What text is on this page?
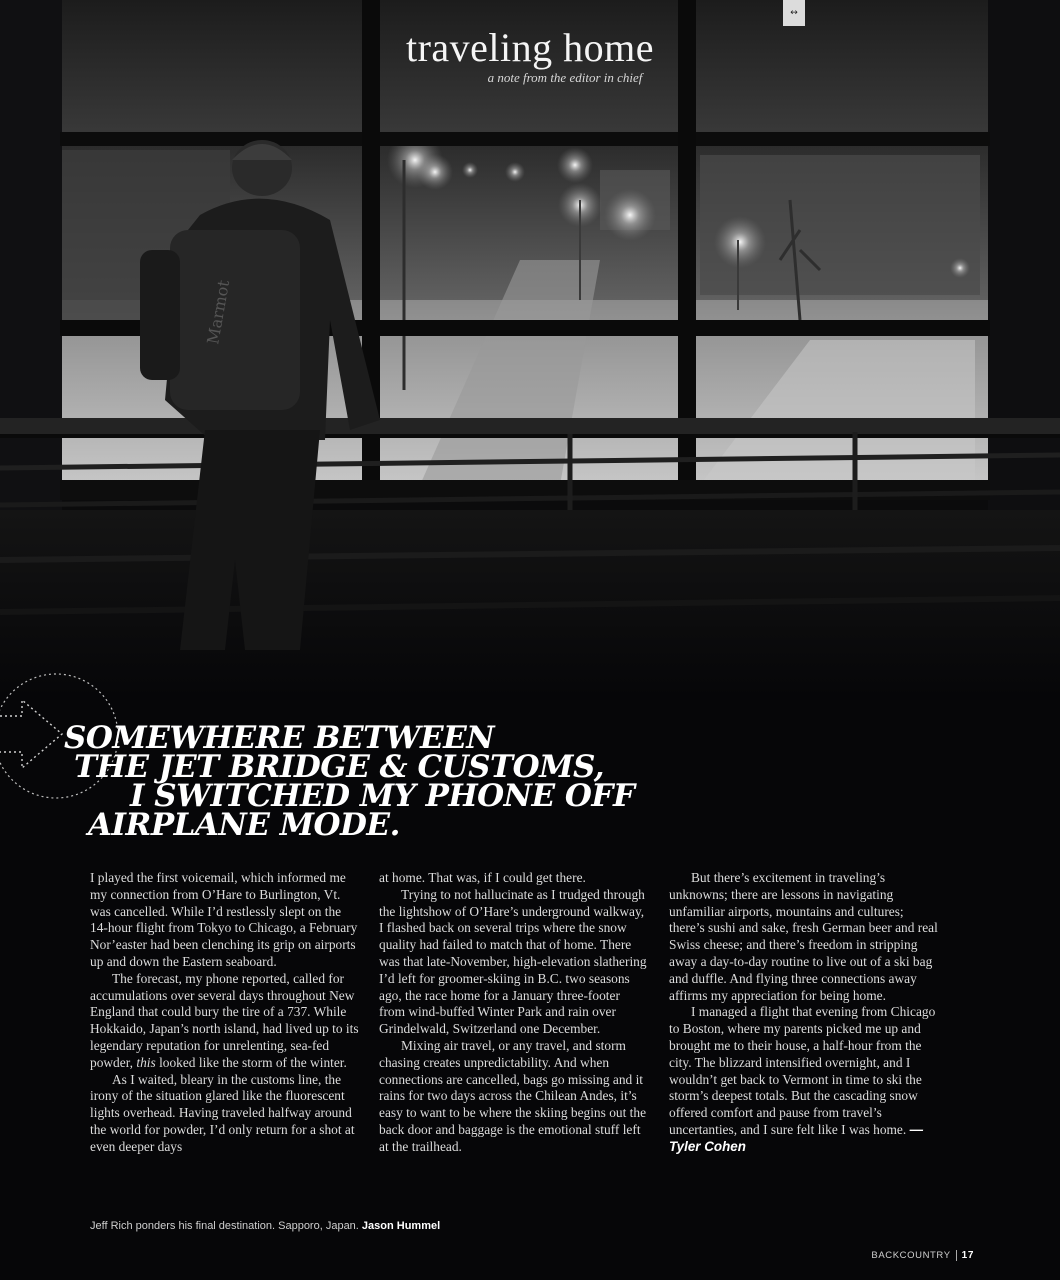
↔
Marmot
traveling home
a note from the editor in chief
SOMEWHERE BETWEEN
THE JET BRIDGE & CUSTOMS,
I SWITCHED MY PHONE OFF
AIRPLANE MODE.

I played the first voicemail, which informed me my connection from O’Hare to Burlington, Vt. was cancelled. While I’d restlessly slept on the 14-hour flight from Tokyo to Chicago, a February Nor’easter had been clenching its grip on airports up and down the Eastern seaboard.

The forecast, my phone reported, called for accumulations over several days throughout New England that could bury the tire of a 737. While Hokkaido, Japan’s north island, had lived up to its legendary reputation for unrelenting, sea-fed powder, this looked like the storm of the winter.

As I waited, bleary in the customs line, the irony of the situation glared like the fluorescent lights overhead. Having traveled halfway around the world for powder, I’d only return for a shot at even deeper days

at home. That was, if I could get there.

Trying to not hallucinate as I trudged through the lightshow of O’Hare’s underground walkway, I flashed back on several trips where the snow quality had failed to match that of home. There was that late-November, high-elevation slathering I’d left for groomer-skiing in B.C. two seasons ago, the race home for a January three-footer from wind-buffed Winter Park and rain over Grindelwald, Switzerland one December.

Mixing air travel, or any travel, and storm chasing creates unpredictability. And when connections are cancelled, bags go missing and it rains for two days across the Chilean Andes, it’s easy to want to be where the skiing begins out the back door and baggage is the emotional stuff left at the trailhead.

But there’s excitement in traveling’s unknowns; there are lessons in navigating unfamiliar airports, mountains and cultures; there’s sushi and sake, fresh German beer and real Swiss cheese; and there’s freedom in stripping away a day-to-day routine to live out of a ski bag and duffle. And flying three connections away affirms my appreciation for being home.

I managed a flight that evening from Chicago to Boston, where my parents picked me up and brought me to their house, a half-hour from the city. The blizzard intensified overnight, and I wouldn’t get back to Vermont in time to ski the storm’s deepest totals. But the cascading snow offered comfort and pause from travel’s uncertanties, and I sure felt like I was home. —Tyler Cohen

Jeff Rich ponders his final destination. Sapporo, Japan. Jason Hummel
BACKCOUNTRY 17
